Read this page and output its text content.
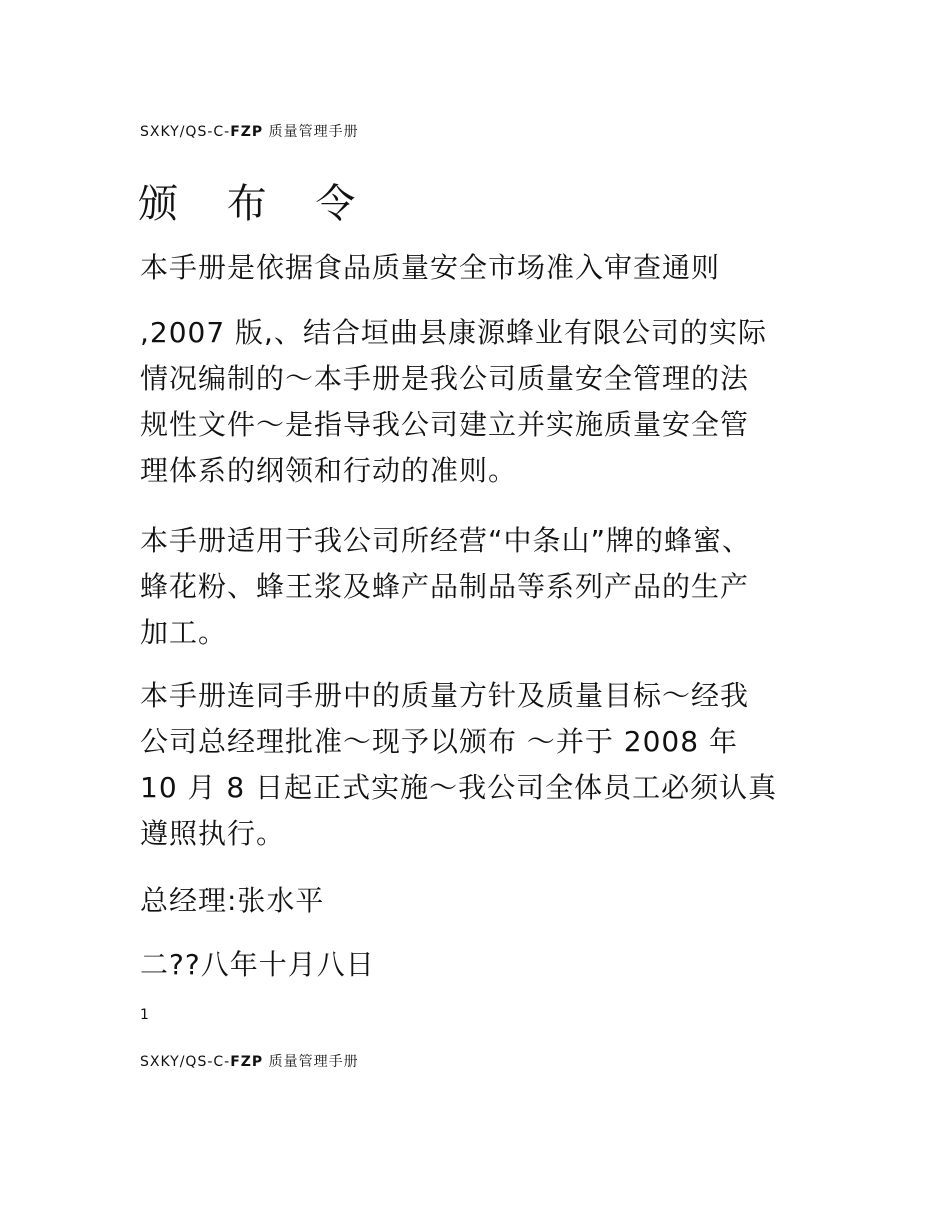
SXKY/QS-C-FZP 质量管理手册
颁 布 令
本手册是依据食品质量安全市场准入审查通则
,2007 版,、结合垣曲县康源蜂业有限公司的实际
情况编制的～本手册是我公司质量安全管理的法
规性文件～是指导我公司建立并实施质量安全管
理体系的纲领和行动的准则。
本手册适用于我公司所经营“中条山”牌的蜂蜜、
蜂花粉、蜂王浆及蜂产品制品等系列产品的生产
加工。
本手册连同手册中的质量方针及质量目标～经我
公司总经理批准～现予以颁布 ～并于 2008 年
10 月 8 日起正式实施～我公司全体员工必须认真
遵照执行。
总经理:张水平
二??八年十月八日
1
SXKY/QS-C-FZP 质量管理手册
